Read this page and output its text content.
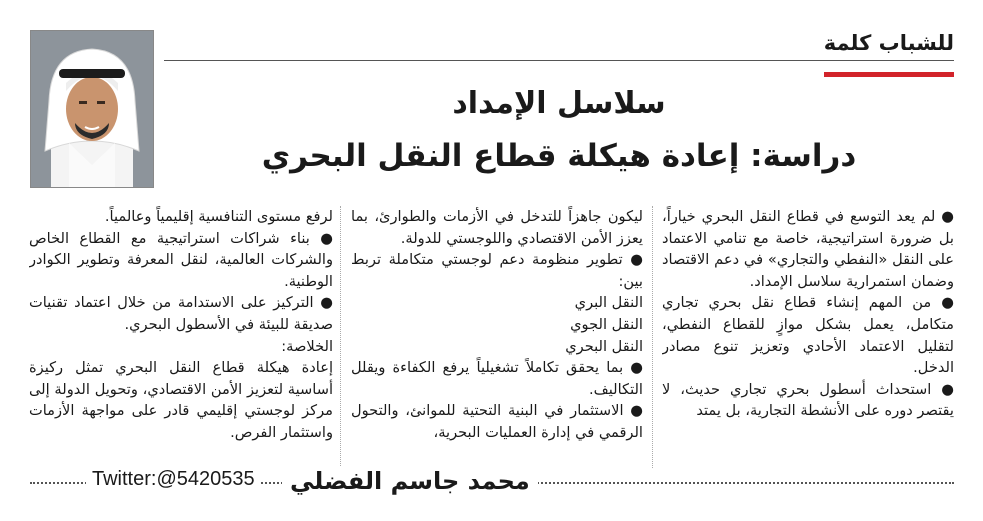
للشباب كلمة
سلاسل الإمداد
دراسة: إعادة هيكلة قطاع النقل البحري

● لم يعد التوسع في قطاع النقل البحري خياراً، بل ضرورة استراتيجية، خاصة مع تنامي الاعتماد على النقل «النفطي والتجاري» في دعم الاقتصاد وضمان استمرارية سلاسل الإمداد.

● من المهم إنشاء قطاع نقل بحري تجاري متكامل، يعمل بشكل موازٍ للقطاع النفطي، لتقليل الاعتماد الأحادي وتعزيز تنوع مصادر الدخل.

● استحداث أسطول بحري تجاري حديث، لا يقتصر دوره على الأنشطة التجارية، بل يمتد

ليكون جاهزاً للتدخل في الأزمات والطوارئ، بما يعزز الأمن الاقتصادي واللوجستي للدولة.

● تطوير منظومة دعم لوجستي متكاملة تربط بين:

النقل البري

النقل الجوي

النقل البحري

● بما يحقق تكاملاً تشغيلياً يرفع الكفاءة ويقلل التكاليف.

● الاستثمار في البنية التحتية للموانئ، والتحول الرقمي في إدارة العمليات البحرية،

لرفع مستوى التنافسية إقليمياً وعالمياً.

● بناء شراكات استراتيجية مع القطاع الخاص والشركات العالمية، لنقل المعرفة وتطوير الكوادر الوطنية.

● التركيز على الاستدامة من خلال اعتماد تقنيات صديقة للبيئة في الأسطول البحري.

الخلاصة:

إعادة هيكلة قطاع النقل البحري تمثل ركيزة أساسية لتعزيز الأمن الاقتصادي، وتحويل الدولة إلى مركز لوجستي إقليمي قادر على مواجهة الأزمات واستثمار الفرص.

محمد جاسم الفضلي
Twitter:@5420535
